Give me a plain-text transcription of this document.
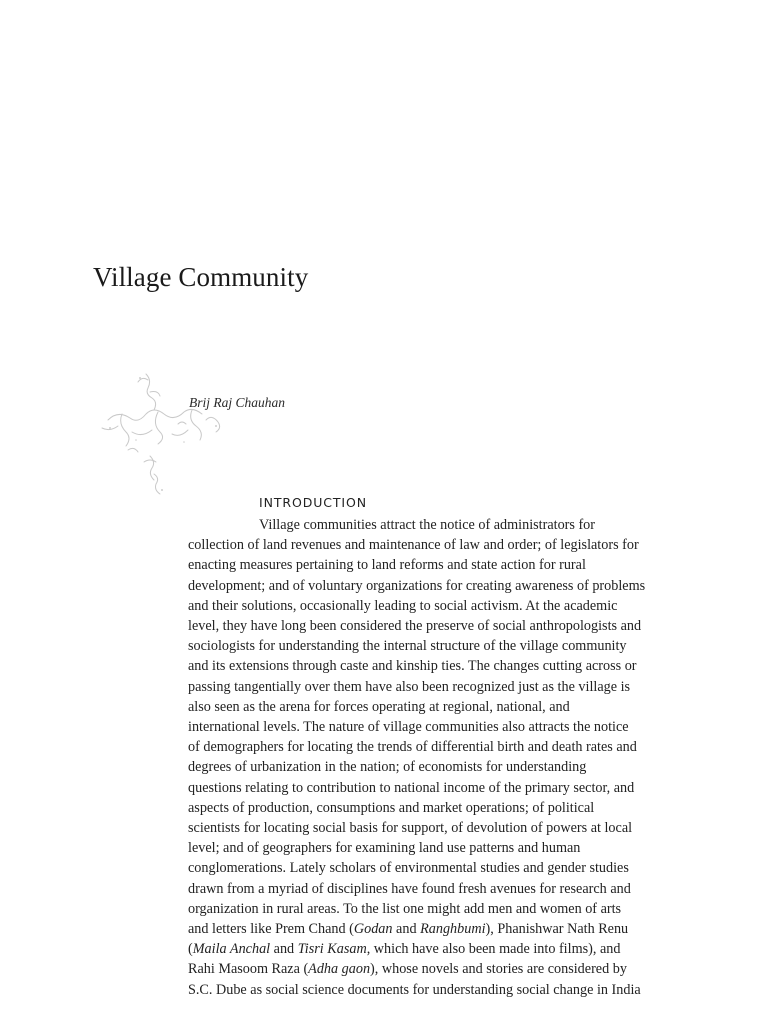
Village Community
Brij Raj Chauhan
INTRODUCTION
Village communities attract the notice of administrators for
collection of land revenues and maintenance of law and order; of legislators for
enacting measures pertaining to land reforms and state action for rural
development; and of voluntary organizations for creating awareness of problems
and their solutions, occasionally leading to social activism. At the academic
level, they have long been considered the preserve of social anthropologists and
sociologists for understanding the internal structure of the village community
and its extensions through caste and kinship ties. The changes cutting across or
passing tangentially over them have also been recognized just as the village is
also seen as the arena for forces operating at regional, national, and
international levels. The nature of village communities also attracts the notice
of demographers for locating the trends of differential birth and death rates and
degrees of urbanization in the nation; of economists for understanding
questions relating to contribution to national income of the primary sector, and
aspects of production, consumptions and market operations; of political
scientists for locating social basis for support, of devolution of powers at local
level; and of geographers for examining land use patterns and human
conglomerations. Lately scholars of environmental studies and gender studies
drawn from a myriad of disciplines have found fresh avenues for research and
organization in rural areas. To the list one might add men and women of arts
and letters like Prem Chand (Godan and Ranghbumi), Phanishwar Nath Renu
(Maila Anchal and Tisri Kasam, which have also been made into films), and
Rahi Masoom Raza (Adha gaon), whose novels and stories are considered by
S.C. Dube as social science documents for understanding social change in India
